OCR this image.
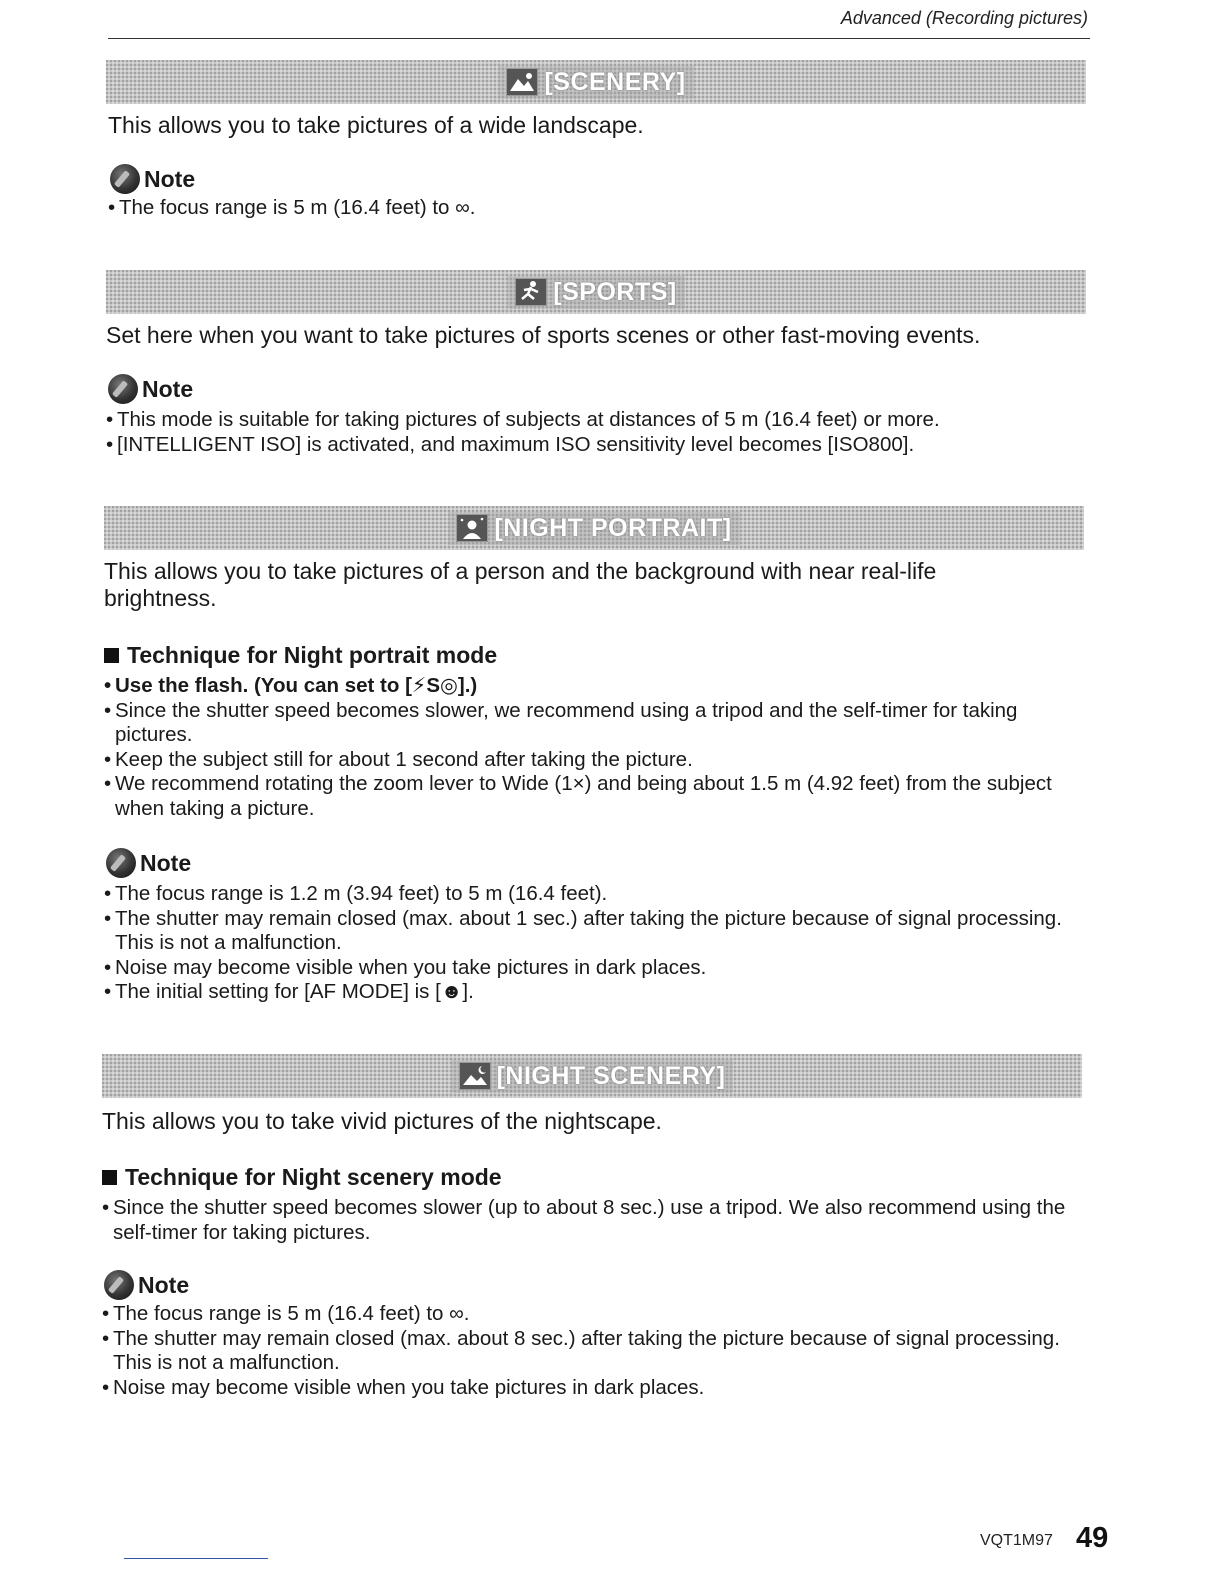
Advanced (Recording pictures)
[SCENERY]
This allows you to take pictures of a wide landscape.
Note
• The focus range is 5 m (16.4 feet) to ∞.
[SPORTS]
Set here when you want to take pictures of sports scenes or other fast-moving events.
Note
• This mode is suitable for taking pictures of subjects at distances of 5 m (16.4 feet) or more.
• [INTELLIGENT ISO] is activated, and maximum ISO sensitivity level becomes [ISO800].
[NIGHT PORTRAIT]
This allows you to take pictures of a person and the background with near real-life brightness.
Technique for Night portrait mode
• Use the flash. (You can set to [⚡S◎].)
• Since the shutter speed becomes slower, we recommend using a tripod and the self-timer for taking pictures.
• Keep the subject still for about 1 second after taking the picture.
• We recommend rotating the zoom lever to Wide (1×) and being about 1.5 m (4.92 feet) from the subject when taking a picture.
Note
• The focus range is 1.2 m (3.94 feet) to 5 m (16.4 feet).
• The shutter may remain closed (max. about 1 sec.) after taking the picture because of signal processing. This is not a malfunction.
• Noise may become visible when you take pictures in dark places.
• The initial setting for [AF MODE] is [☻].
[NIGHT SCENERY]
This allows you to take vivid pictures of the nightscape.
Technique for Night scenery mode
• Since the shutter speed becomes slower (up to about 8 sec.) use a tripod. We also recommend using the self-timer for taking pictures.
Note
• The focus range is 5 m (16.4 feet) to ∞.
• The shutter may remain closed (max. about 8 sec.) after taking the picture because of signal processing. This is not a malfunction.
• Noise may become visible when you take pictures in dark places.
VQT1M97 49
